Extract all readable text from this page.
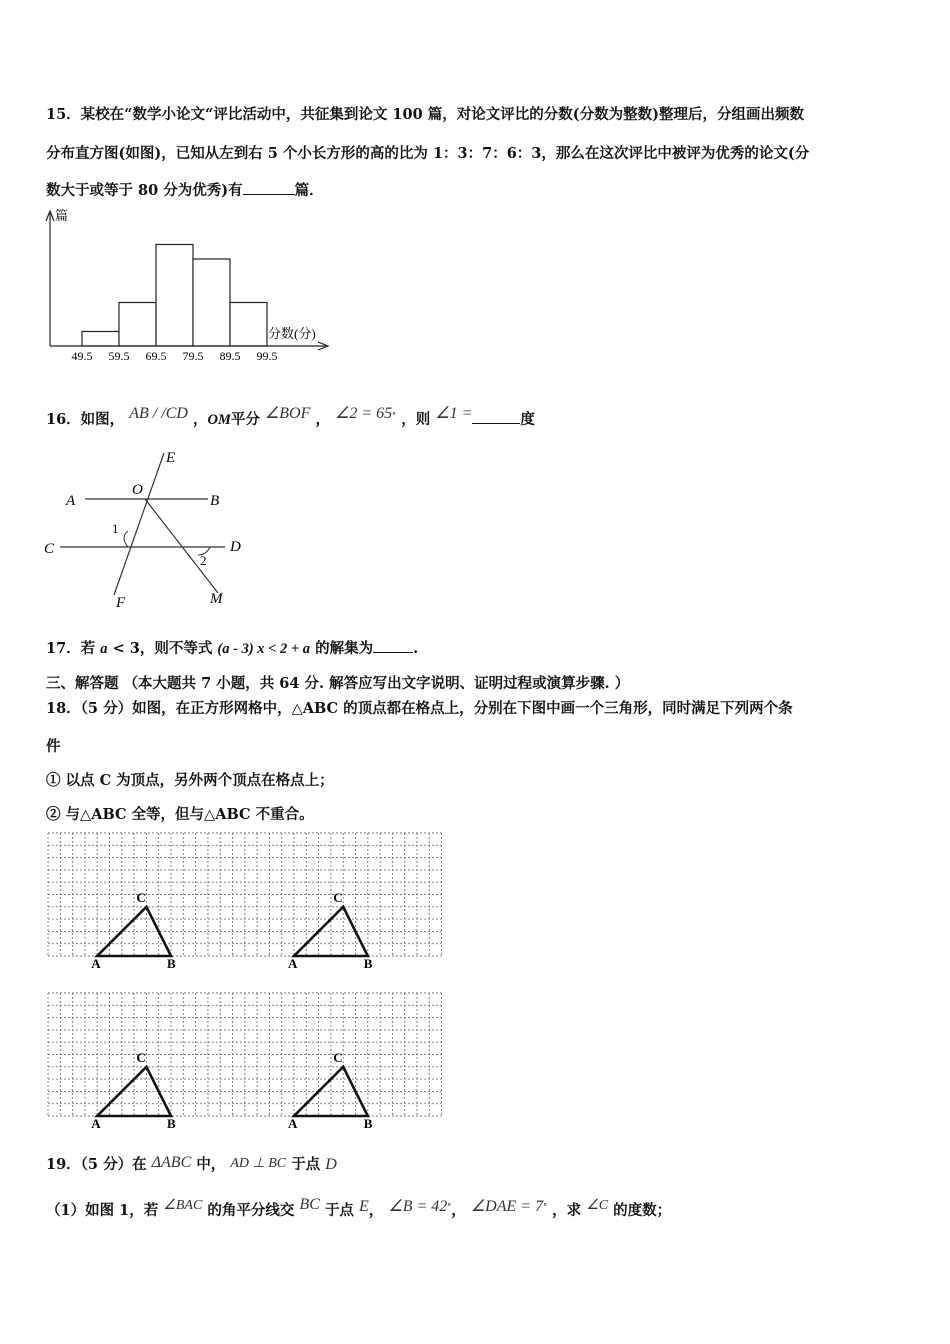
15．某校在“数学小论文“评比活动中，共征集到论文 100 篇，对论文评比的分数(分数为整数)整理后，分组画出频数
分布直方图(如图)，已知从左到右 5 个小长方形的高的比为 1：3：7：6：3，那么在这次评比中被评为优秀的论文(分
数大于或等于 80 分为优秀)有	篇．
篇
分数(分)
49.5 59.5 69.5 79.5 89.5 99.5
16．如图， AB / /CD ，OM平分 ∠BOF ， ∠2 = 65° ，则 ∠1 =	度
E
A
O
B
C	D
F	M
1
2
17．若 a < 3，则不等式 (a - 3) x < 2 + a 的解集为	.
三、解答题 （本大题共 7 小题，共 64 分. 解答应写出文字说明、证明过程或演算步骤. ）
18．（5 分）如图，在正方形网格中，△ABC 的顶点都在格点上，分别在下图中画一个三角形，同时满足下列两个条
件
① 以点 C 为顶点，另外两个顶点在格点上；
② 与△ABC 全等，但与△ABC 不重合。
A	B
C
A	B
C
A	B
C
A	B
C
19．（5 分）在 ΔABC 中， AD ⊥ BC 于点 D
（1）如图 1，若 ∠BAC 的角平分线交 BC 于点 E， ∠B = 42°， ∠DAE = 7° ，求 ∠C 的度数；
